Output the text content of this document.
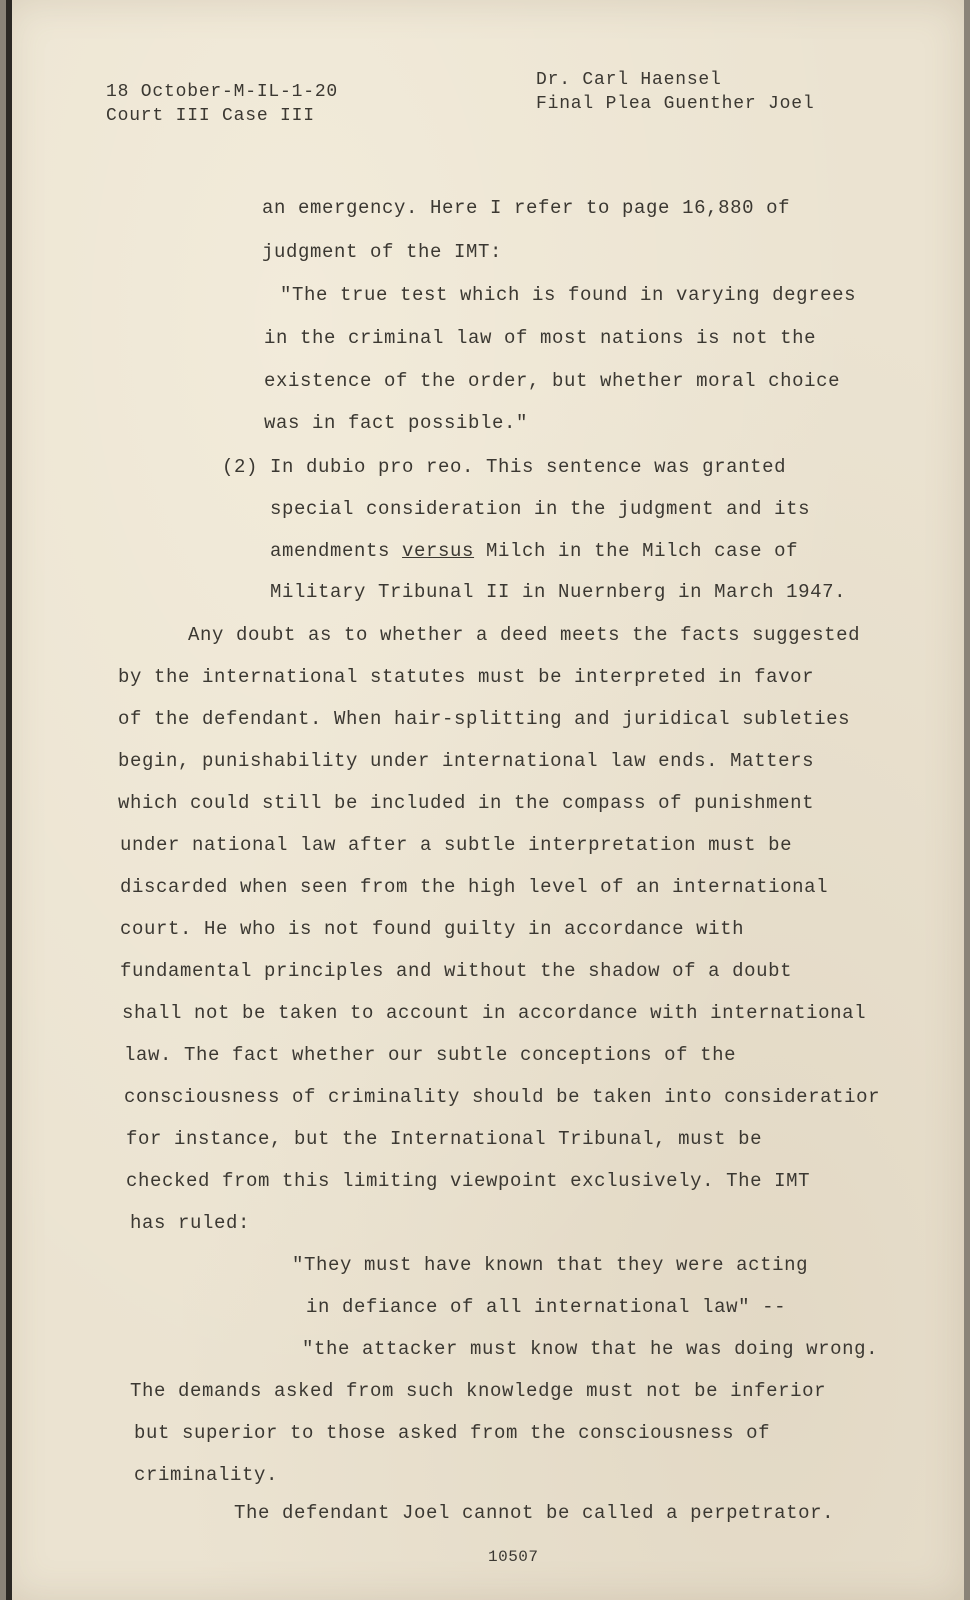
18 October-M-IL-1-20
Court III Case III
Dr. Carl Haensel
Final Plea Guenther Joel
an emergency. Here I refer to page 16,880 of
judgment of the IMT:
"The true test which is found in varying degrees
in the criminal law of most nations is not the
existence of the order, but whether moral choice
was in fact possible."
(2) In dubio pro reo. This sentence was granted
special consideration in the judgment and its
amendments versus Milch in the Milch case of
Military Tribunal II in Nuernberg in March 1947.
Any doubt as to whether a deed meets the facts suggested
by the international statutes must be interpreted in favor
of the defendant. When hair-splitting and juridical subleties
begin, punishability under international law ends. Matters
which could still be included in the compass of punishment
under national law after a subtle interpretation must be
discarded when seen from the high level of an international
court. He who is not found guilty in accordance with
fundamental principles and without the shadow of a doubt
shall not be taken to account in accordance with international
law. The fact whether our subtle conceptions of the
consciousness of criminality should be taken into consideratior
for instance, but the International Tribunal, must be
checked from this limiting viewpoint exclusively. The IMT
has ruled:
"They must have known that they were acting
in defiance of all international law" --
"the attacker must know that he was doing wrong.
The demands asked from such knowledge must not be inferior
but superior to those asked from the consciousness of
criminality.
The defendant Joel cannot be called a perpetrator.
10507
